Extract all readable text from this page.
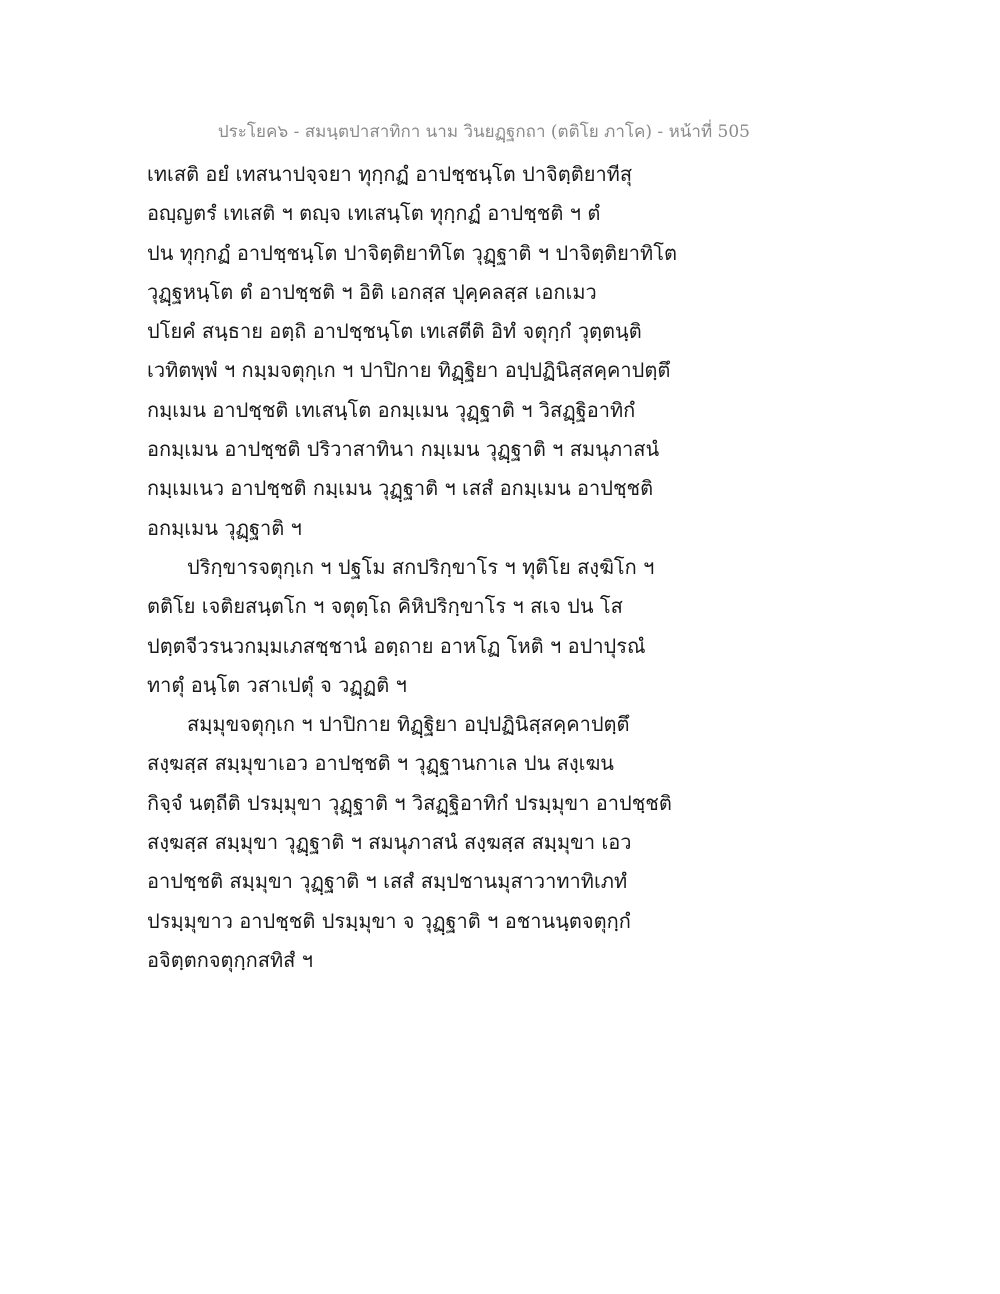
ประโยค๖ - สมนฺตปาสาทิกา นาม วินยฏฺฐกถา (ตติโย ภาโค) - หน้าที่ 505
เทเสติ อยํ เทสนาปจฺจยา ทุกฺกฏํ อาปชฺชนฺโต ปาจิตฺติยาทีสุ
อญฺญตรํ เทเสติ ฯ ตญฺจ เทเสนฺโต ทุกฺกฏํ อาปชฺชติ ฯ ตํ
ปน ทุกฺกฏํ อาปชฺชนฺโต ปาจิตฺติยาทิโต วุฏฺฐาติ ฯ ปาจิตฺติยาทิโต
วุฏฺฐหนฺโต ตํ อาปชฺชติ ฯ อิติ เอกสฺส ปุคฺคลสฺส เอกเมว
ปโยคํ สนฺธาย อตฺถิ อาปชฺชนฺโต เทเสตีติ อิทํ จตุกฺกํ วุตฺตนฺติ
เวทิตพฺพํ ฯ กมฺมจตุกฺเก ฯ ปาปิกาย ทิฏฺฐิยา อปฺปฏินิสฺสคฺคาปตฺตึ
กมฺเมน อาปชฺชติ เทเสนฺโต อกมฺเมน วุฏฺฐาติ ฯ วิสฏฺฐิอาทิกํ
อกมฺเมน อาปชฺชติ ปริวาสาทินา กมฺเมน วุฏฺฐาติ ฯ สมนุภาสนํ
กมฺเมเนว อาปชฺชติ กมฺเมน วุฏฺฐาติ ฯ เสสํ อกมฺเมน อาปชฺชติ
อกมฺเมน วุฏฺฐาติ ฯ
ปริกฺขารจตุกฺเก ฯ ปฐโม สกปริกฺขาโร ฯ ทุติโย สงฺฆิโก ฯ
ตติโย เจติยสนฺตโก ฯ จตุตฺโถ คิหิปริกฺขาโร ฯ สเจ ปน โส
ปตฺตจีวรนวกมฺมเภสชฺชานํ อตฺถาย อาหโฏ โหติ ฯ อปาปุรณํ
ทาตุํ อนฺโต วสาเปตุํ จ วฏฺฏติ ฯ
สมฺมุขจตุกฺเก ฯ ปาปิกาย ทิฏฺฐิยา อปฺปฏินิสฺสคฺคาปตฺตึ
สงฺฆสฺส สมฺมุขาเอว อาปชฺชติ ฯ วุฏฺฐานกาเล ปน สงฺเฆน
กิจฺจํ นตฺถีติ ปรมฺมุขา วุฏฺฐาติ ฯ วิสฏฺฐิอาทิกํ ปรมฺมุขา อาปชฺชติ
สงฺฆสฺส สมฺมุขา วุฏฺฐาติ ฯ สมนุภาสนํ สงฺฆสฺส สมฺมุขา เอว
อาปชฺชติ สมฺมุขา วุฏฺฐาติ ฯ เสสํ สมฺปชานมุสาวาทาทิเภทํ
ปรมฺมุขาว อาปชฺชติ ปรมฺมุขา จ วุฏฺฐาติ ฯ อชานนฺตจตุกฺกํ
อจิตฺตกจตุกฺกสทิสํ ฯ
